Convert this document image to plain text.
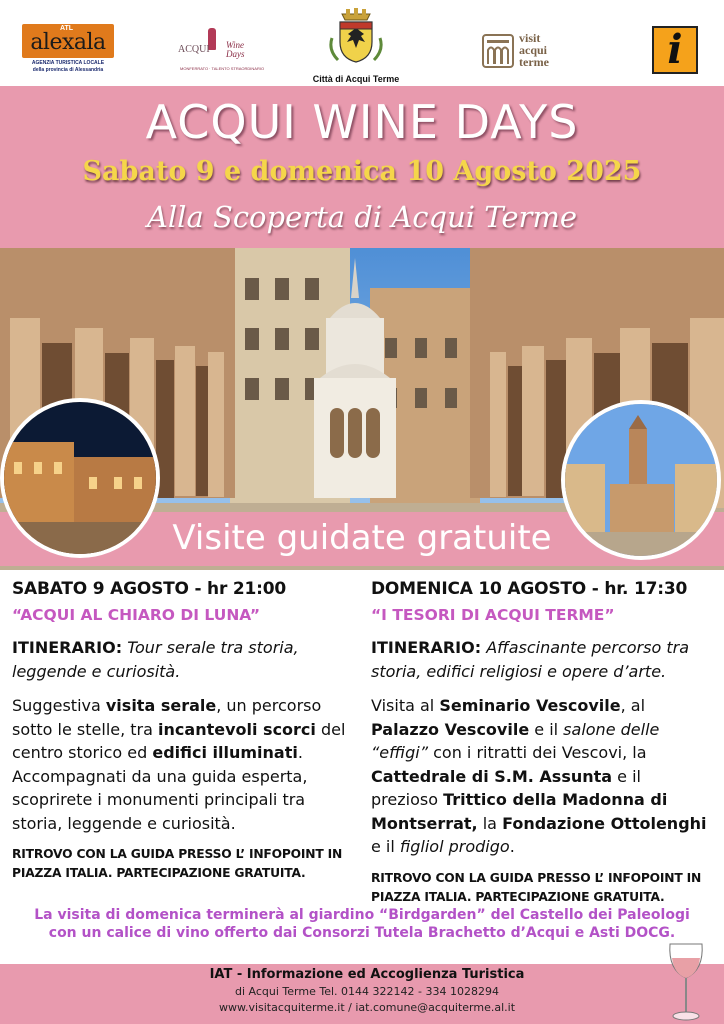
ATL
alexala
AGENZIA TURISTICA LOCALE
della provincia di Alessandria
ACQUI Wine
Days
MONFERRATO · TALENTO STRAORDINARIO
Città di Acqui Terme
visit
acqui
terme	i
ACQUI WINE DAYS
Sabato 9 e domenica 10 Agosto 2025
Alla Scoperta di Acqui Terme
Visite guidate gratuite
SABATO 9 AGOSTO - hr 21:00
“ACQUI AL CHIARO DI LUNA”
ITINERARIO: Tour serale tra storia, leggende e curiosità.
Suggestiva visita serale, un percorso sotto le stelle, tra incantevoli scorci del centro storico ed edifici illuminati. Accompagnati da una guida esperta, scoprirete i monumenti principali tra storia, leggende e curiosità.
RITROVO CON LA GUIDA PRESSO L’ INFOPOINT IN PIAZZA ITALIA. PARTECIPAZIONE GRATUITA.
DOMENICA 10 AGOSTO - hr. 17:30
“I TESORI DI ACQUI TERME”
ITINERARIO: Affascinante percorso tra storia, edifici religiosi e opere d’arte.
Visita al Seminario Vescovile, al Palazzo Vescovile e il salone delle “effigi” con i ritratti dei Vescovi, la Cattedrale di S.M. Assunta e il prezioso Trittico della Madonna di Montserrat, la Fondazione Ottolenghi e il figliol prodigo.
RITROVO CON LA GUIDA PRESSO L’ INFOPOINT IN PIAZZA ITALIA. PARTECIPAZIONE GRATUITA.
La visita di domenica terminerà al giardino “Birdgarden” del Castello dei Paleologi
con un calice di vino offerto dai Consorzi Tutela Brachetto d’Acqui e Asti DOCG.
IAT - Informazione ed Accoglienza Turistica
di Acqui Terme Tel. 0144 322142 - 334 1028294
www.visitacquiterme.it / iat.comune@acquiterme.al.it
